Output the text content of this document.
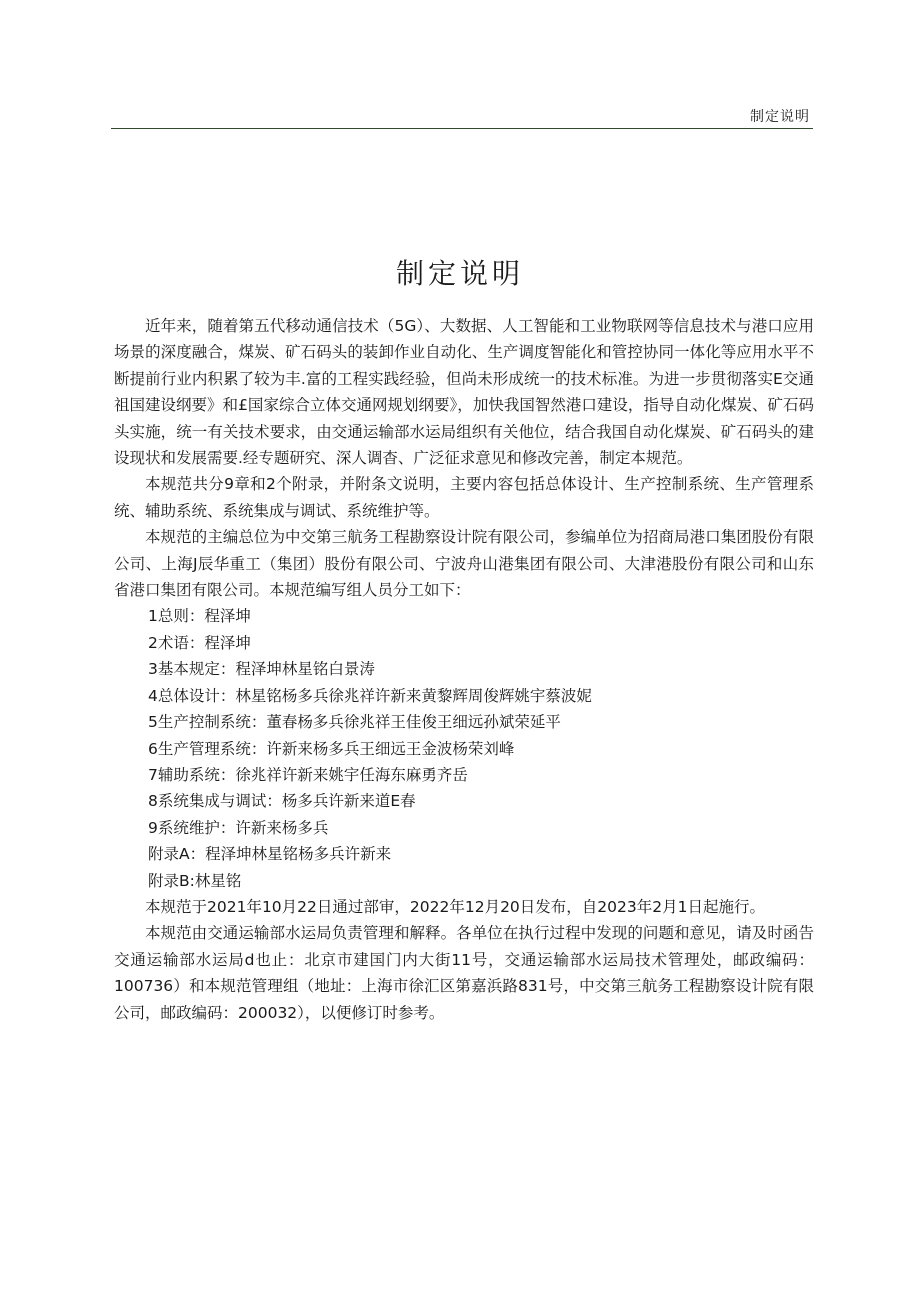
制定说明
制定说明

近年来，随着第五代移动通信技术（5G）、大数据、人工智能和工业物联网等信息技术与港口应用场景的深度融合，煤炭、矿石码头的装卸作业自动化、生产调度智能化和管控协同一体化等应用水平不断提前行业内积累了较为丰.富的工程实践经验，但尚未形成统一的技术标准。为进一步贯彻落实E交通祖国建设纲要》和£国家综合立体交通网规划纲要》，加快我国智然港口建设，指导自动化煤炭、矿石码头实施，统一有关技术要求，由交通运输部水运局组织有关他位，结合我国自动化煤炭、矿石码头的建设现状和发展需要.经专题研究、深人调杳、广泛征求意见和修改完善，制定本规范。

本规范共分9章和2个附录，并附条文说明，主要内容包括总体设计、生产控制系统、生产管理系统、辅助系统、系统集成与调试、系统维护等。

本规范的主编总位为中交第三航务工程勘察设计院有限公司，参编单位为招商局港口集团股份有限公司、上海J辰华重工（集团）股份有限公司、宁波舟山港集团有限公司、大津港股份有限公司和山东省港口集团有限公司。本规范编写组人员分工如下：

1总则：程泽坤

2术语：程泽坤

3基本规定：程泽坤林星铭白景涛

4总体设计：林星铭杨多兵徐兆祥许新来黄黎辉周俊辉姚宇蔡波妮

5生产控制系统：董春杨多兵徐兆祥王佳俊王细远孙斌荣延平

6生产管理系统：许新来杨多兵王细远王金波杨荣刘峰

7辅助系统：徐兆祥许新来姚宇任海东麻勇齐岳

8系统集成与调试：杨多兵许新来道E春

9系统维护：许新来杨多兵

附录A：程泽坤林星铭杨多兵许新来

附录B:林星铭

本规范于2021年10月22日通过部审，2022年12月20日发布，自2023年2月1日起施行。

本规范由交通运输部水运局负责管理和解释。各单位在执行过程中发现的问题和意见，请及时函告交通运输部水运局d也止：北京市建国门内大街11号，交通运输部水运局技术管理处，邮政编码：100736）和本规范管理组（地址：上海市徐汇区第嘉浜路831号，中交第三航务工程勘察设计院有限公司，邮政编码：200032），以便修订时参考。
